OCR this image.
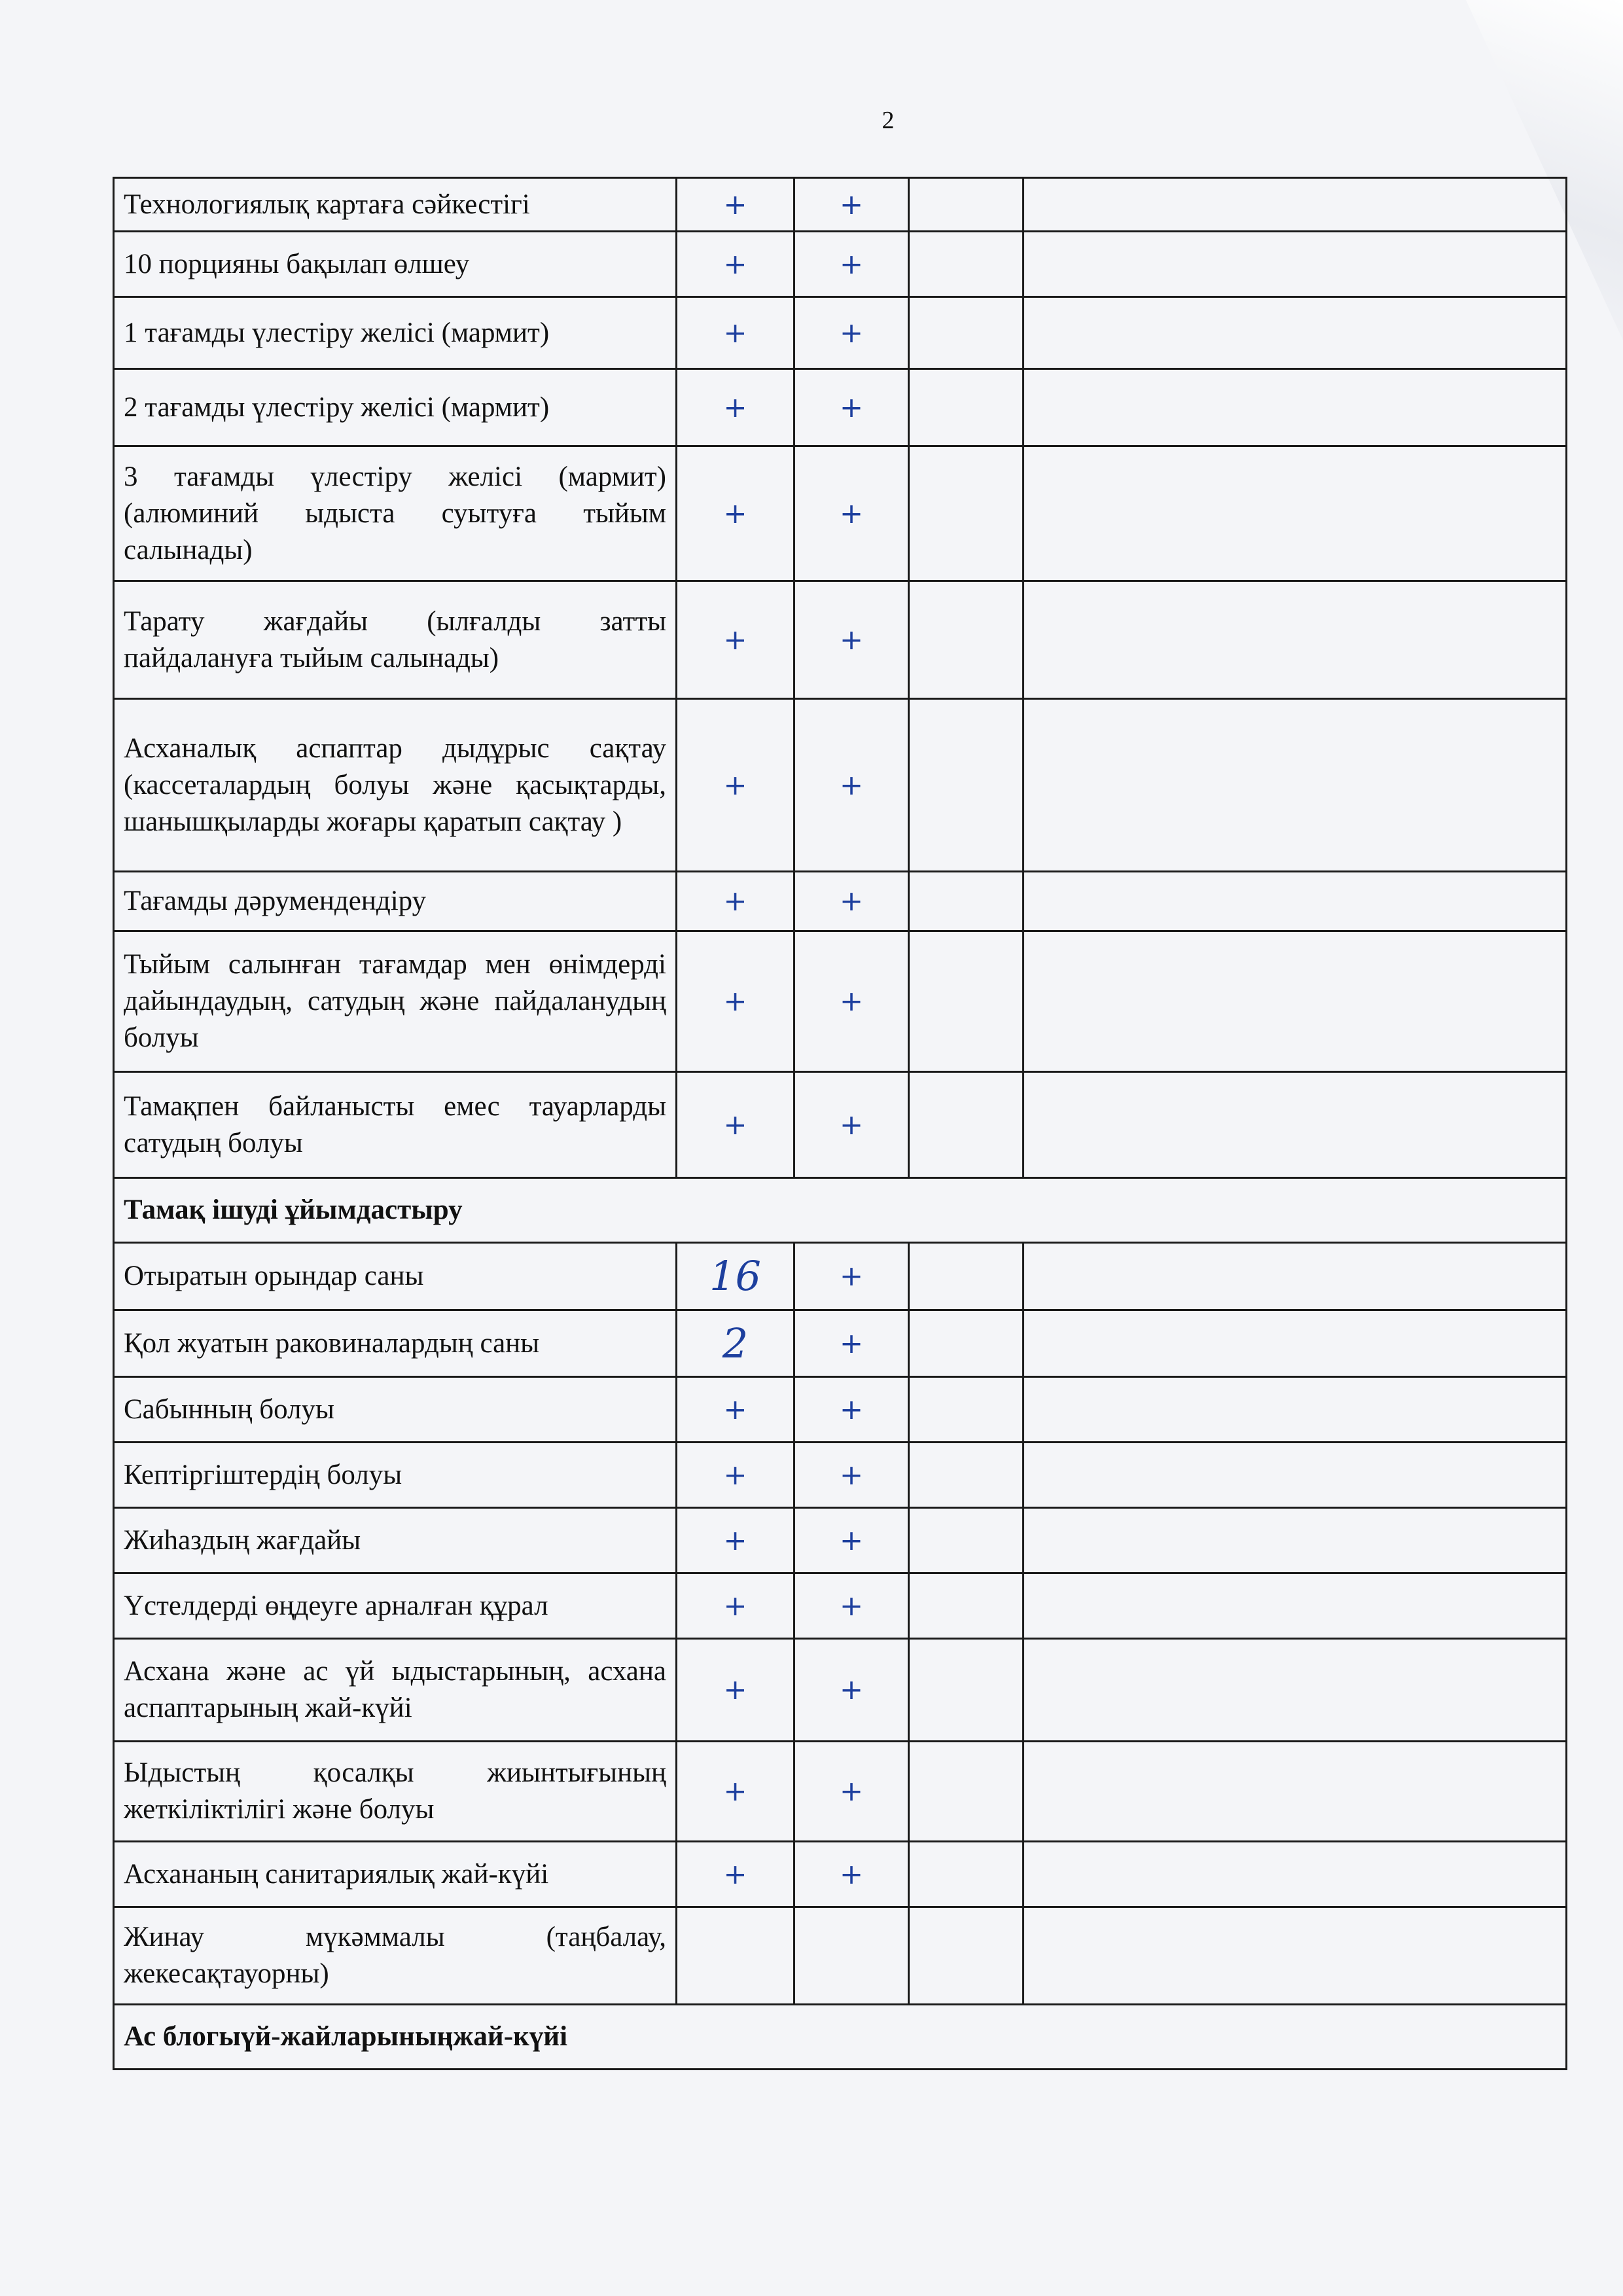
2
Технологиялық картаға сәйкестігі	+	+		
10 порцияны бақылап өлшеу	+	+		
1 тағамды үлестіру желісі (мармит)	+	+		
2 тағамды үлестіру желісі (мармит)	+	+		
3 тағамды үлестіру желісі (мармит) (алюминий ыдыста суытуға тыйым салынады)	+	+		
Тарату жағдайы (ылғалды затты пайдалануға тыйым салынады)	+	+		
Асханалық аспаптар дыдұрыс сақтау (кассеталардың болуы және қасықтарды, шанышқыларды жоғары қаратып сақтау )	+	+		
Тағамды дәрумендендіру	+	+		
Тыйым салынған тағамдар мен өнімдерді дайындаудың, сатудың және пайдаланудың болуы	+	+		
Тамақпен байланысты емес тауарларды сатудың болуы	+	+		
Тамақ ішуді ұйымдастыру				
Отыратын орындар саны	16	+		
Қол жуатын раковиналардың саны	2	+		
Сабынның болуы	+	+		
Кептіргіштердің болуы	+	+		
Жиһаздың жағдайы	+	+		
Үстелдерді өңдеуге арналған құрал	+	+		
Асхана және ас үй ыдыстарының, асхана аспаптарының жай-күйі	+	+		
Ыдыстың қосалқы жиынтығының жеткіліктілігі және болуы	+	+		
Асхананың санитариялық жай-күйі	+	+		
Жинау мүкәммалы (таңбалау, жекесақтауорны)				
Ас блогыүй-жайларыныңжай-күйі				
